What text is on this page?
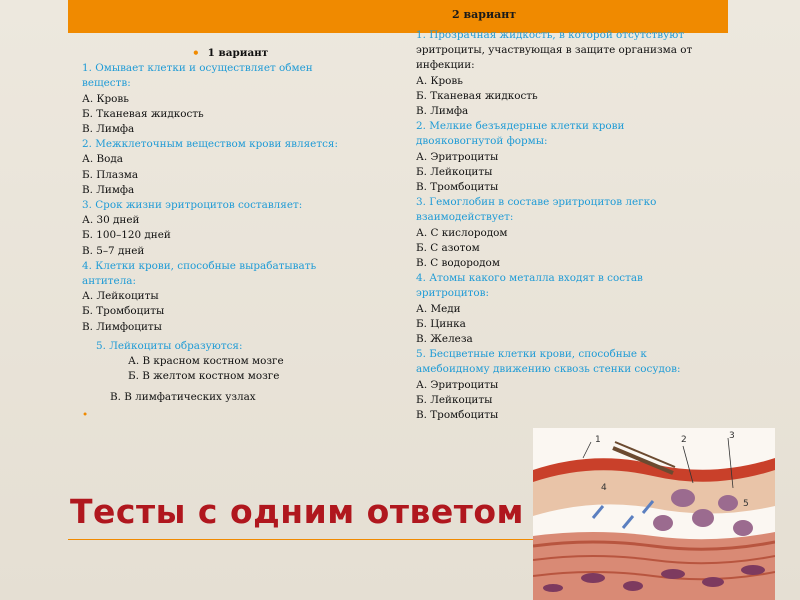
2 вариант
• 1 вариант
1. Омывает клетки и осуществляет обмен
веществ:
А. Кровь
Б. Тканевая жидкость
В. Лимфа
2. Межклеточным веществом крови является:
А. Вода
Б. Плазма
В. Лимфа
3. Срок жизни эритроцитов составляет:
А. 30 дней
Б. 100–120 дней
В. 5–7 дней
4. Клетки крови, способные вырабатывать
антитела:
А. Лейкоциты
Б. Тромбоциты
В. Лимфоциты
5. Лейкоциты образуются:
А. В красном костном мозге
Б. В желтом костном мозге
В. В лимфатических узлах
•
1. Прозрачная жидкость, в которой отсутствуют
эритроциты, участвующая в защите организма от
инфекции:
А. Кровь
Б. Тканевая жидкость
В. Лимфа
2. Мелкие безъядерные клетки крови
двояковогнутой формы:
А. Эритроциты
Б. Лейкоциты
В. Тромбоциты
3. Гемоглобин в составе эритроцитов легко
взаимодействует:
А. С кислородом
Б. С азотом
В. С водородом
4. Атомы какого металла входят в состав
эритроцитов:
А. Меди
Б. Цинка
В. Железа
5. Бесцветные клетки крови, способные к
амебоидному движению сквозь стенки сосудов:
А. Эритроциты
Б. Лейкоциты
В. Тромбоциты
Тесты с одним ответом
1	2	3
4
5
